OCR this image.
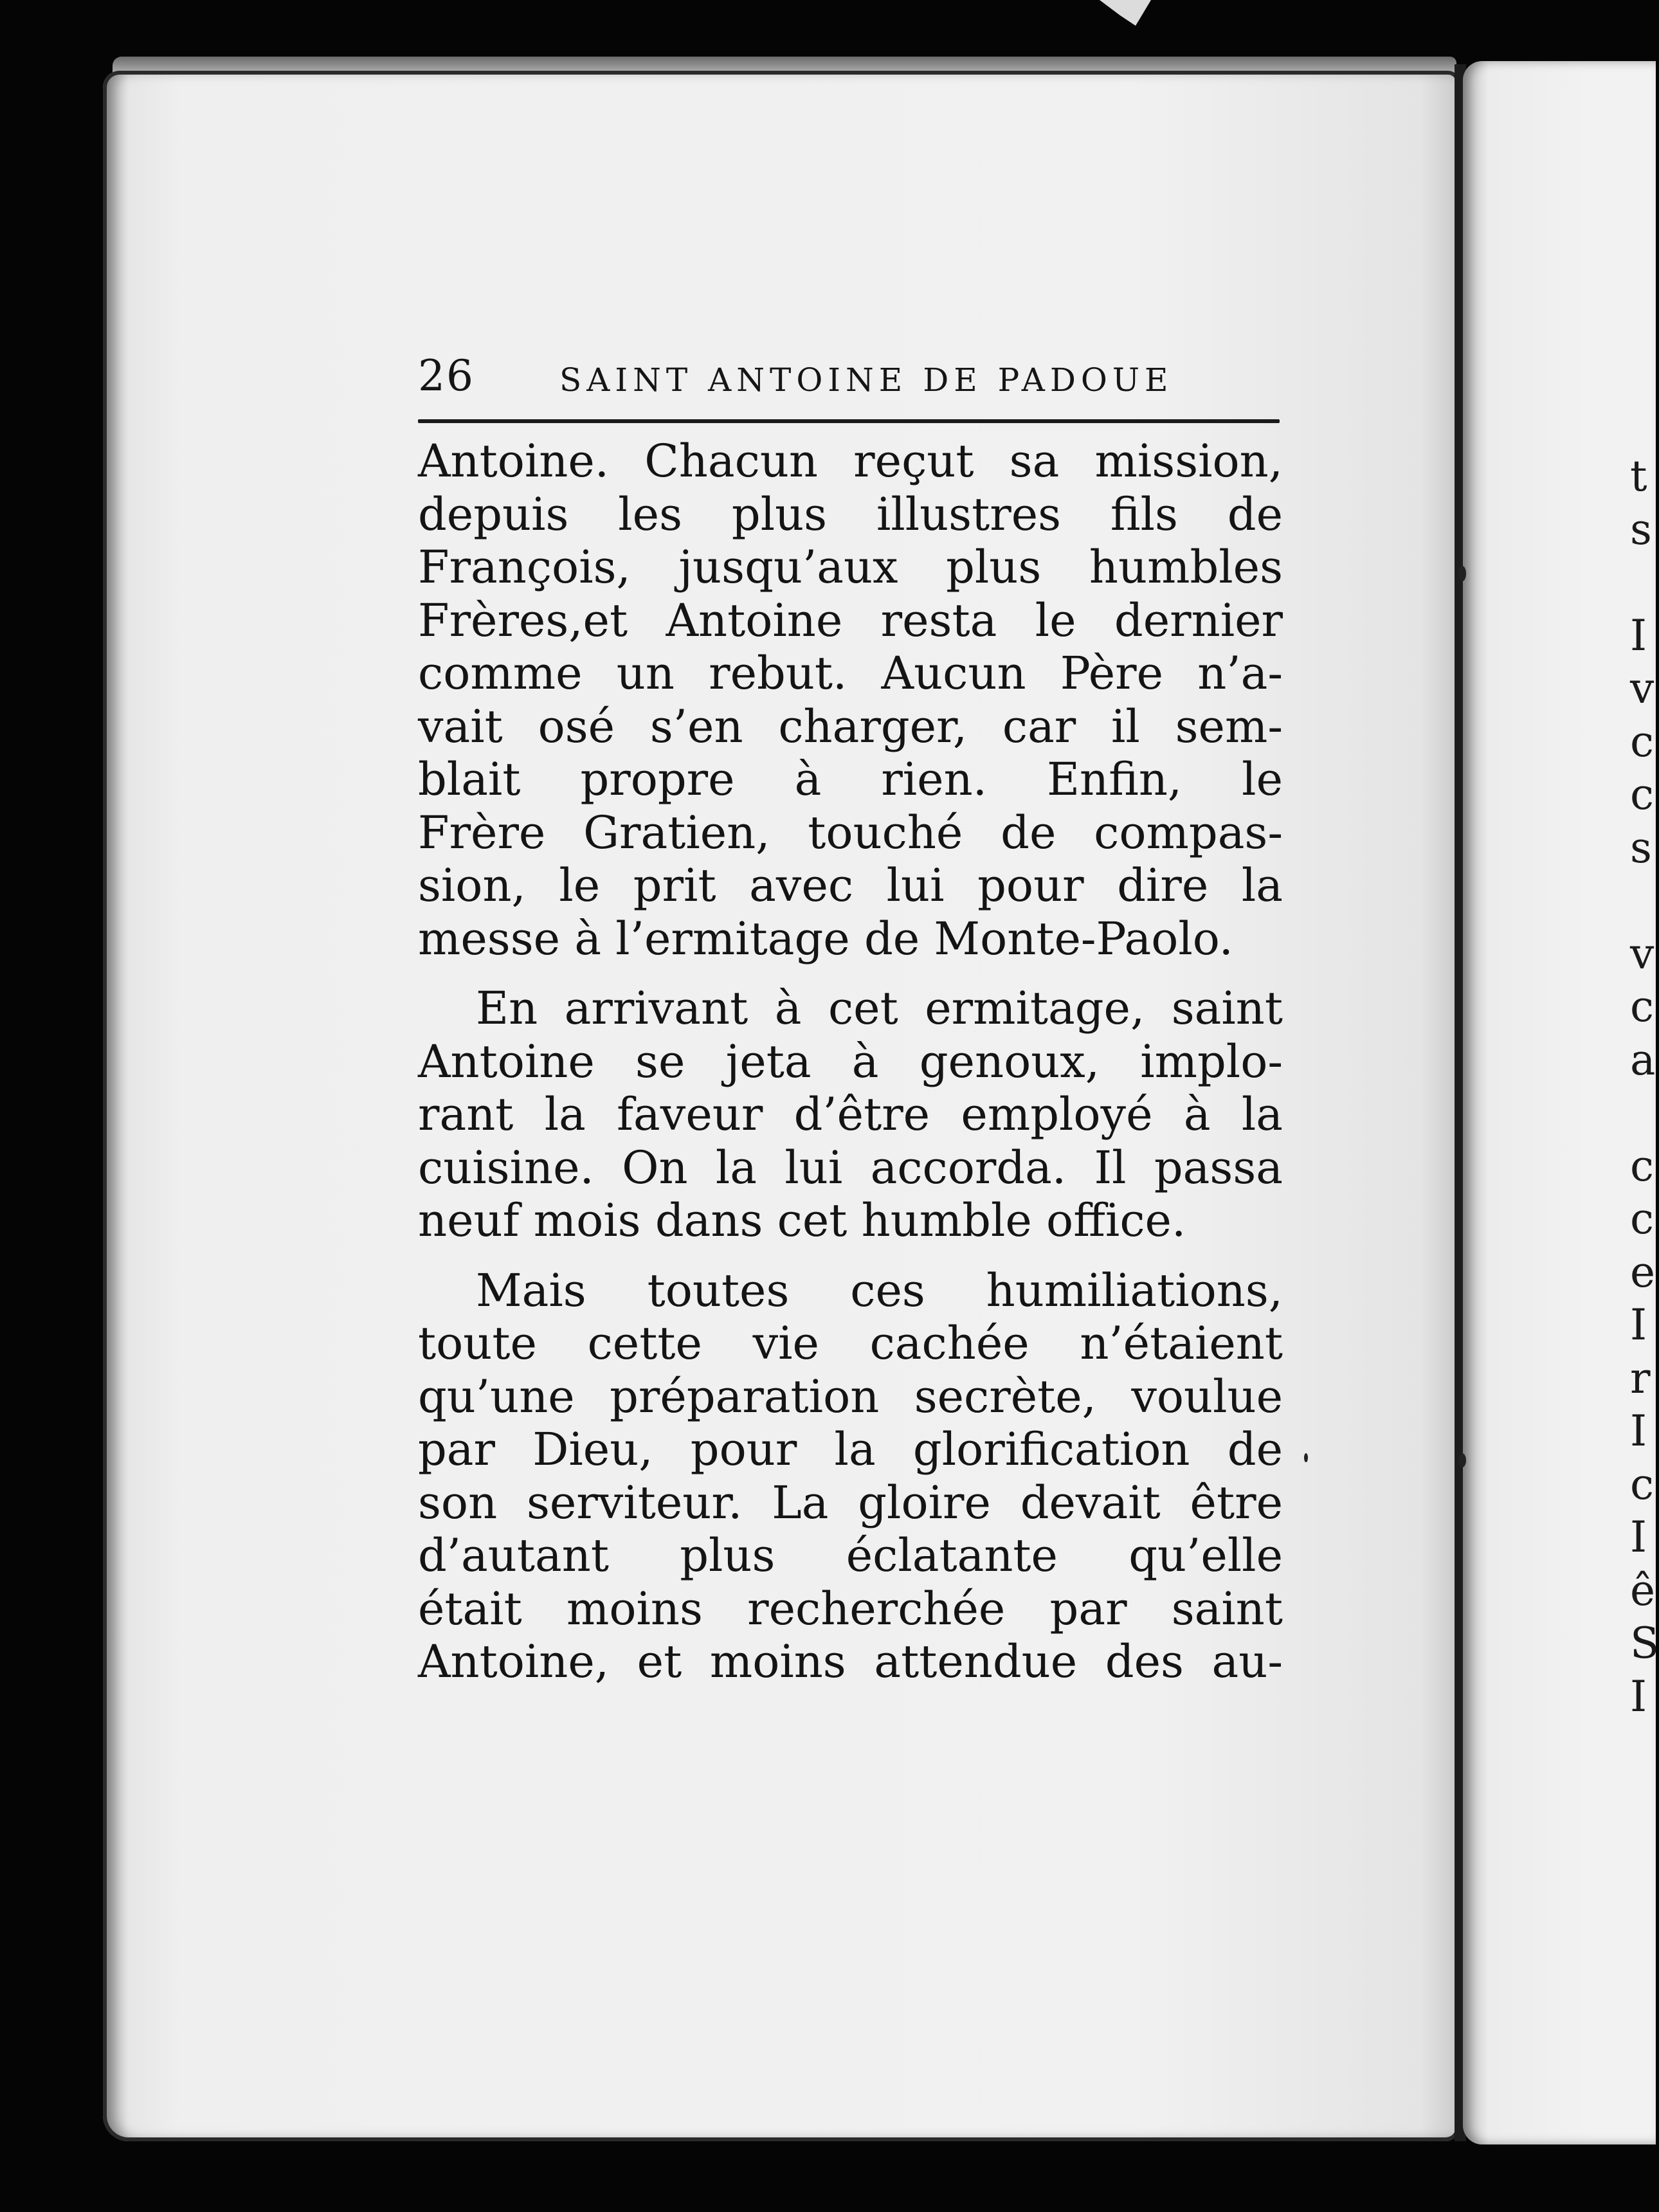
26	SAINT ANTOINE DE PADOUE
Antoine. Chacun reçut sa mission,
depuis les plus illustres fils de
François, jusqu’aux plus humbles
Frères,et Antoine resta le dernier
comme un rebut. Aucun Père n’a-
vait osé s’en charger, car il sem-
blait propre à rien. Enfin, le
Frère Gratien, touché de compas-
sion, le prit avec lui pour dire la
messe à l’ermitage de Monte-Paolo.
En arrivant à cet ermitage, saint
Antoine se jeta à genoux, implo-
rant la faveur d’être employé à la
cuisine. On la lui accorda. Il passa
neuf mois dans cet humble office.
Mais toutes ces humiliations,
toute cette vie cachée n’étaient
qu’une préparation secrète, voulue
par Dieu, pour la glorification de
son serviteur. La gloire devait être
d’autant plus éclatante qu’elle
était moins recherchée par saint
Antoine, et moins attendue des au-
t
s
I
v
c
c
s
v
c
a
c
c
e
I
r
I
c
I
ê
S
I
